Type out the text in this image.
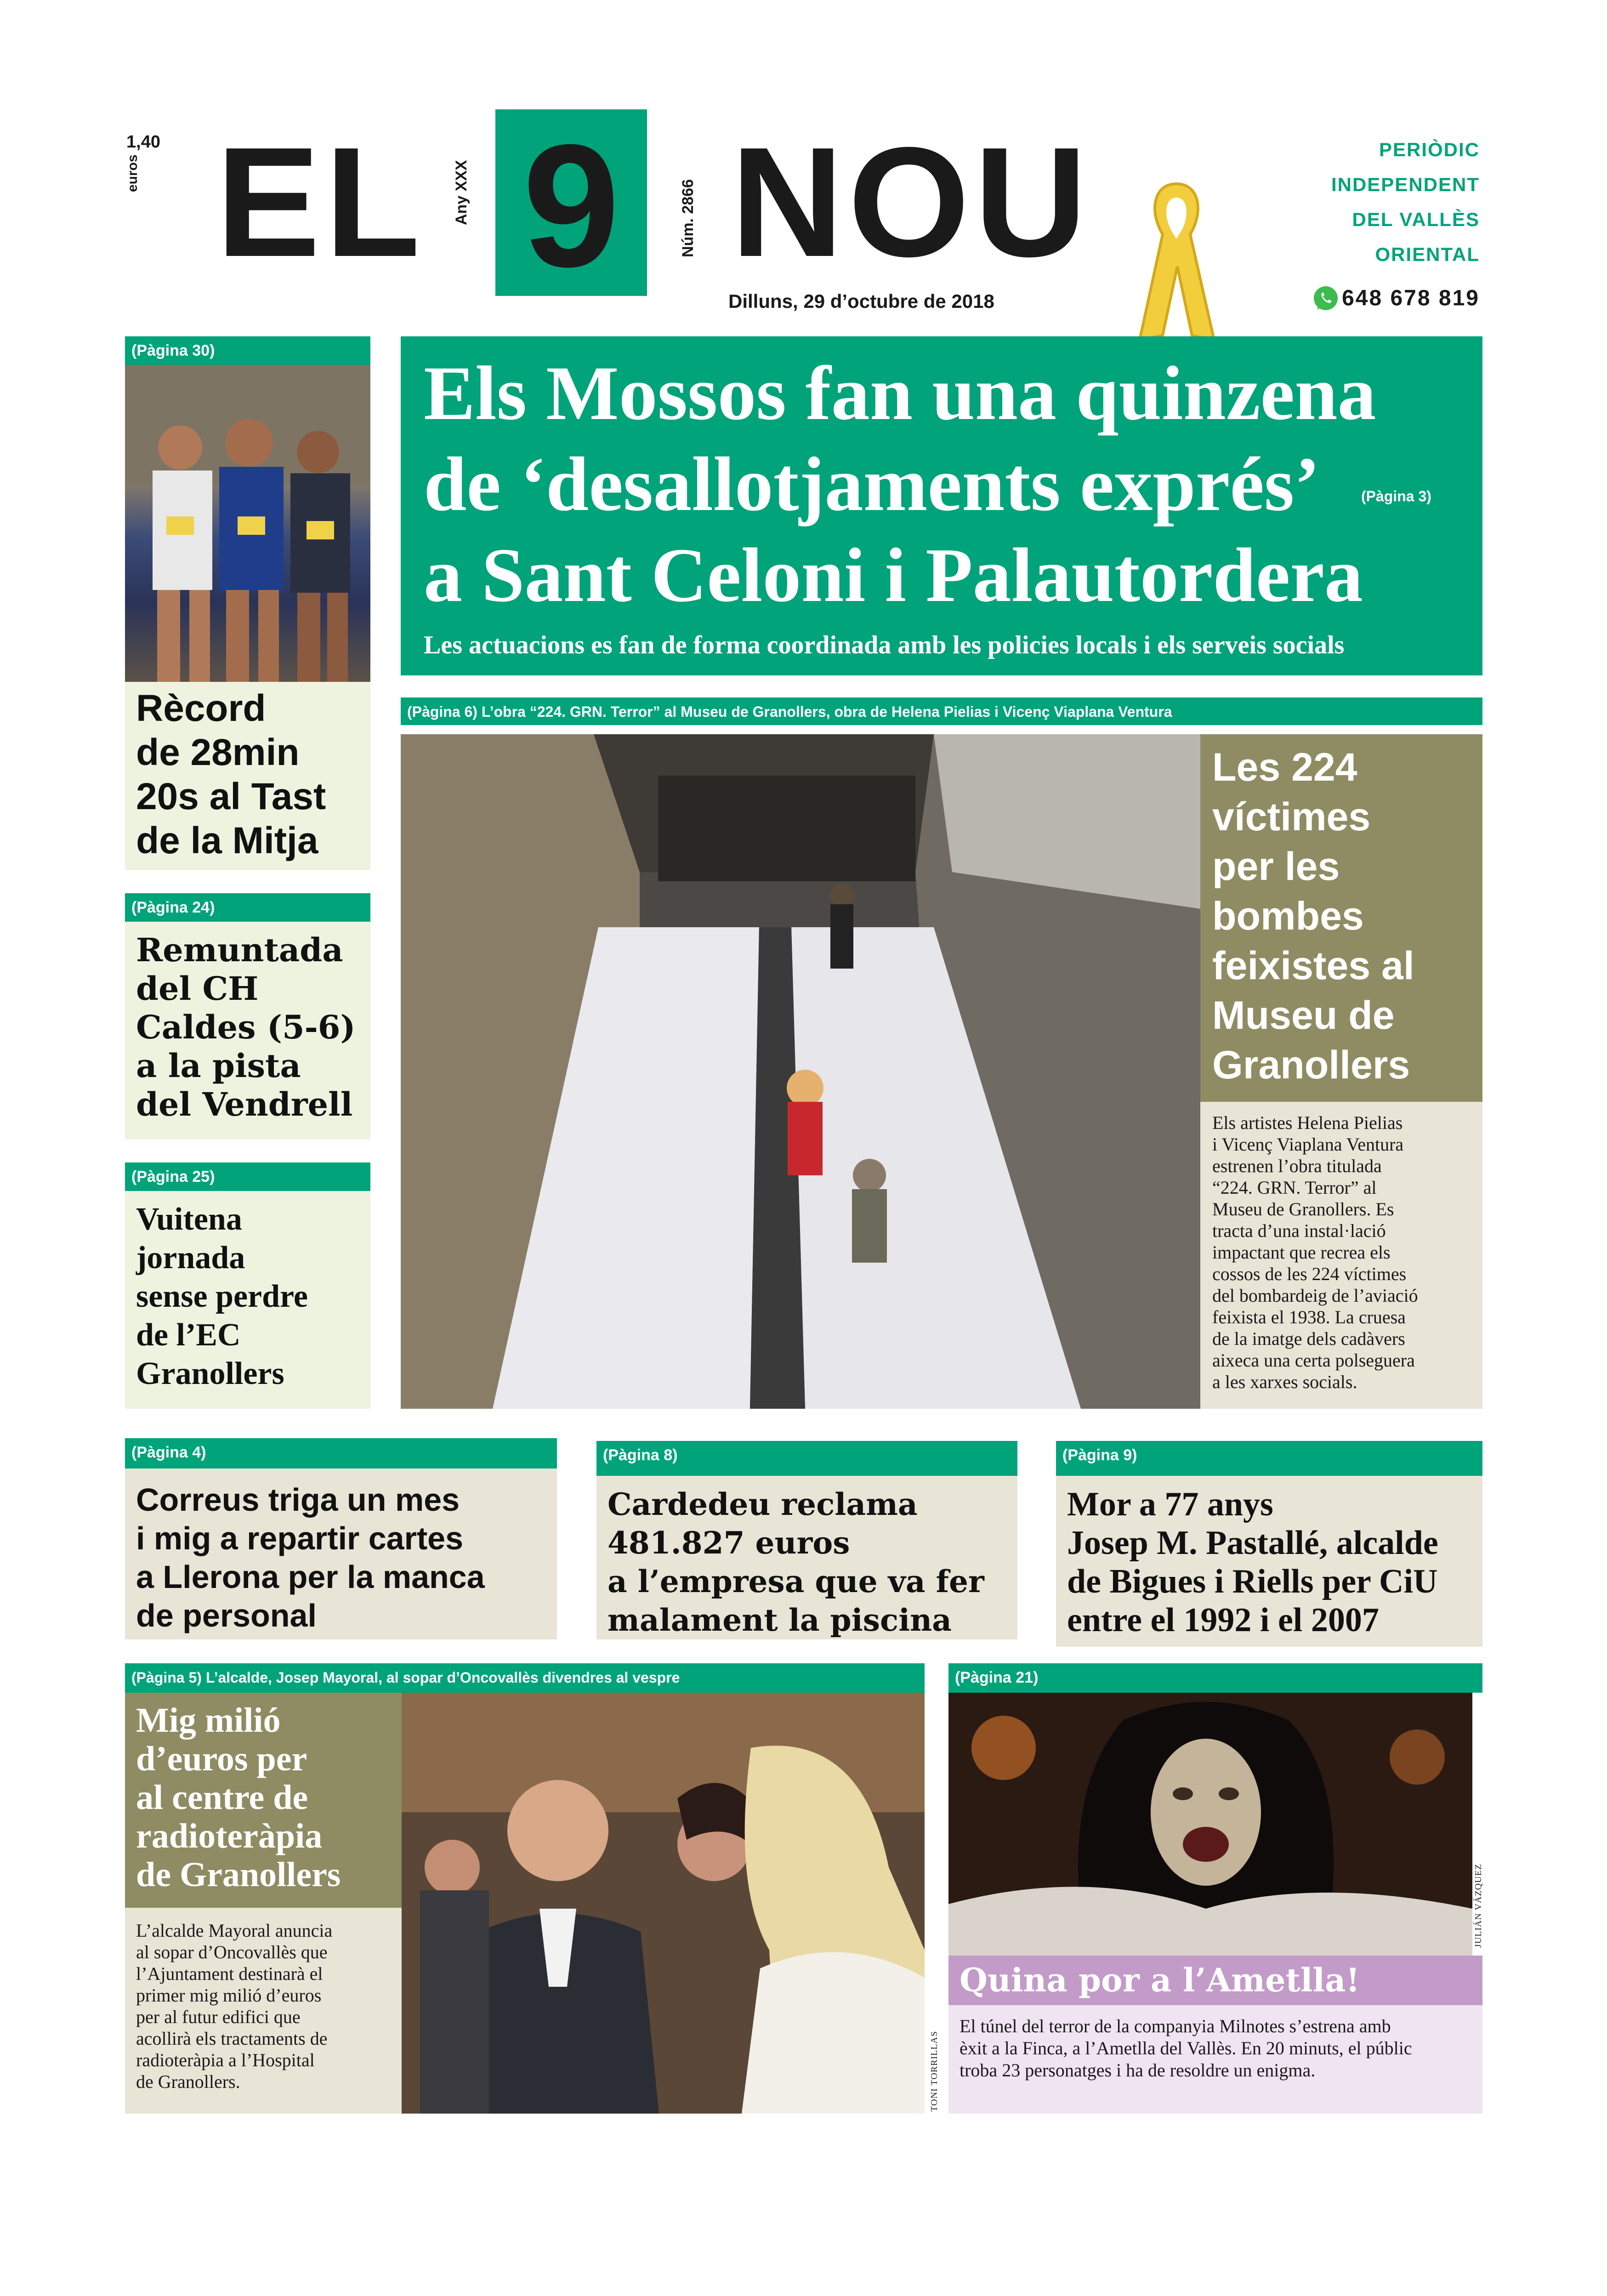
1,40
euros EL Any XXX 9	Núm. 2866 NOU
Dilluns, 29 d’octubre de 2018
PERIÒDIC
INDEPENDENT
DEL VALLÈS
ORIENTAL
648 678 819
Els Mossos fan una quinzena
de ‘desallotjaments exprés’	(Pàgina 3)
a Sant Celoni i Palautordera
Les actuacions es fan de forma coordinada amb les policies locals i els serveis socials
(Pàgina 30)
Rècord
de 28min
20s al Tast
de la Mitja
(Pàgina 24)
Remuntada
del CH
Caldes (5-6)
a la pista
del Vendrell
(Pàgina 25)
Vuitena
jornada
sense perdre
de l’EC
Granollers
(Pàgina 6) L’obra “224. GRN. Terror” al Museu de Granollers, obra de Helena Pielias i Vicenç Viaplana Ventura
Les 224
víctimes
per les
bombes
feixistes al
Museu de
Granollers
Els artistes Helena Pielias
i Vicenç Viaplana Ventura
estrenen l’obra titulada
“224. GRN. Terror” al
Museu de Granollers. Es
tracta d’una instal·lació
impactant que recrea els
cossos de les 224 víctimes
del bombardeig de l’aviació
feixista el 1938. La cruesa
de la imatge dels cadàvers
aixeca una certa polseguera
a les xarxes socials.
(Pàgina 4)
Correus triga un mes
i mig a repartir cartes
a Llerona per la manca
de personal
(Pàgina 8)
Cardedeu reclama
481.827 euros
a l’empresa que va fer
malament la piscina
(Pàgina 9)
Mor a 77 anys
Josep M. Pastallé, alcalde
de Bigues i Riells per CiU
entre el 1992 i el 2007
(Pàgina 5) L’alcalde, Josep Mayoral, al sopar d’Oncovallès divendres al vespre
Mig milió
d’euros per
al centre de
radioteràpia
de Granollers
L’alcalde Mayoral anuncia
al sopar d’Oncovallès que
l’Ajuntament destinarà el
primer mig milió d’euros
per al futur edifici que
acollirà els tractaments de
radioteràpia a l’Hospital
de Granollers.	TONI TORRILLAS
(Pàgina 21)
JULIÁN VÁZQUEZ
Quina por a l’Ametlla!
El túnel del terror de la companyia Milnotes s’estrena amb
èxit a la Finca, a l’Ametlla del Vallès. En 20 minuts, el públic
troba 23 personatges i ha de resoldre un enigma.
